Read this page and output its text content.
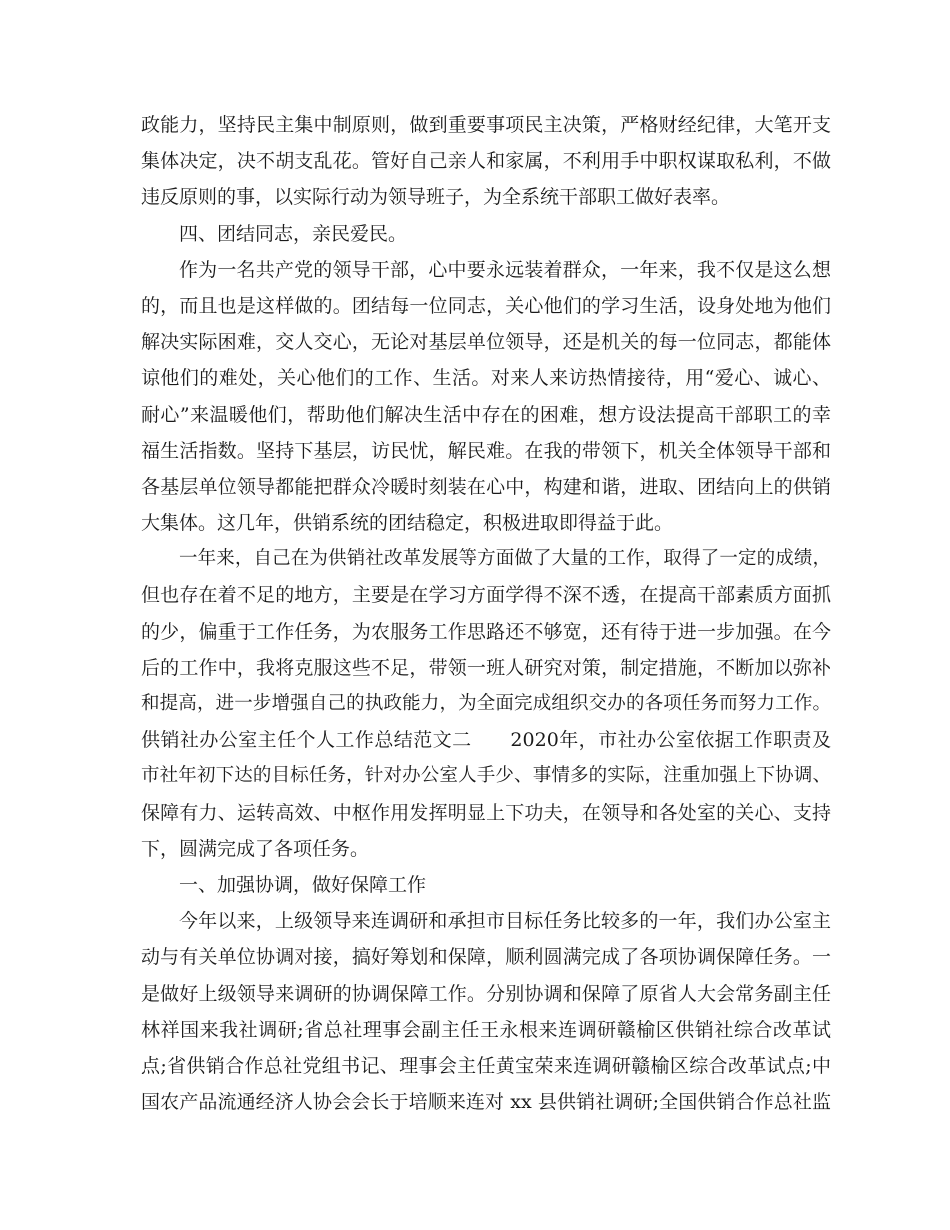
政能力，坚持民主集中制原则，做到重要事项民主决策，严格财经纪律，大笔开支
集体决定，决不胡支乱花。管好自己亲人和家属，不利用手中职权谋取私利，不做
违反原则的事，以实际行动为领导班子，为全系统干部职工做好表率。
四、团结同志，亲民爱民。
作为一名共产党的领导干部，心中要永远装着群众，一年来，我不仅是这么想
的，而且也是这样做的。团结每一位同志，关心他们的学习生活，设身处地为他们
解决实际困难，交人交心，无论对基层单位领导，还是机关的每一位同志，都能体
谅他们的难处，关心他们的工作、生活。对来人来访热情接待，用“爱心、诚心、
耐心”来温暖他们，帮助他们解决生活中存在的困难，想方设法提高干部职工的幸
福生活指数。坚持下基层，访民忧，解民难。在我的带领下，机关全体领导干部和
各基层单位领导都能把群众冷暖时刻装在心中，构建和谐，进取、团结向上的供销
大集体。这几年，供销系统的团结稳定，积极进取即得益于此。
一年来，自己在为供销社改革发展等方面做了大量的工作，取得了一定的成绩，
但也存在着不足的地方，主要是在学习方面学得不深不透，在提高干部素质方面抓
的少，偏重于工作任务，为农服务工作思路还不够宽，还有待于进一步加强。在今
后的工作中，我将克服这些不足，带领一班人研究对策，制定措施，不断加以弥补
和提高，进一步增强自己的执政能力，为全面完成组织交办的各项任务而努力工作。
供销社办公室主任个人工作总结范文二　　2020年，市社办公室依据工作职责及
市社年初下达的目标任务，针对办公室人手少、事情多的实际，注重加强上下协调、
保障有力、运转高效、中枢作用发挥明显上下功夫，在领导和各处室的关心、支持
下，圆满完成了各项任务。
一、加强协调，做好保障工作
今年以来，上级领导来连调研和承担市目标任务比较多的一年，我们办公室主
动与有关单位协调对接，搞好筹划和保障，顺利圆满完成了各项协调保障任务。一
是做好上级领导来调研的协调保障工作。分别协调和保障了原省人大会常务副主任
林祥国来我社调研;省总社理事会副主任王永根来连调研赣榆区供销社综合改革试
点;省供销合作总社党组书记、理事会主任黄宝荣来连调研赣榆区综合改革试点;中
国农产品流通经济人协会会长于培顺来连对 xx 县供销社调研;全国供销合作总社监
